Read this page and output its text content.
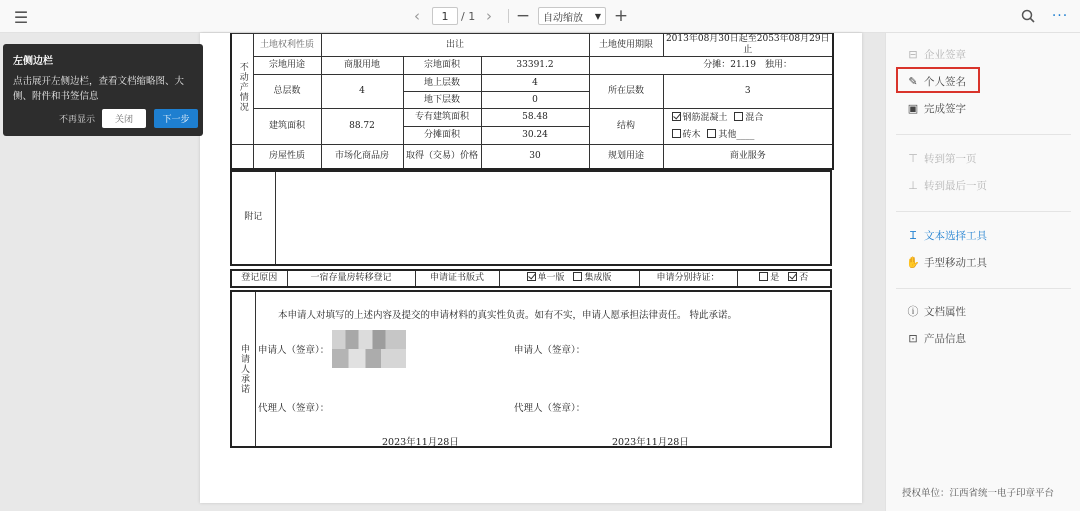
☰	‹	1	/ 1 ›	− 自动缩放 ▼ +	···
不动产情况	土地权利性质	出让			土地使用期限	2013年08月30日起至2053年08月29日止
	宗地用途	商服用地	宗地面积	33391.2	分摊：21.19　独用：	
	总层数	4	地上层数	4	所在层数	3
			地下层数	0		
	建筑面积	88.72	专有建筑面积	58.48	结构	钢筋混凝土 混合
砖木 其他____
			分摊面积	30.24		
	房屋性质	市场化商品房	取得（交易）价格	30	规划用途	商业服务
附记	
登记原因	一宿存量房转移登记	申请证书版式	单一版 集成版	申请分别持证：	是 否
申请人承诺
本申请人对填写的上述内容及提交的申请材料的真实性负责。如有不实，申请人愿承担法律责任。 特此承诺。
申请人（签章）：	申请人（签章）：
代理人（签章）：	代理人（签章）：
2023年11月28日	2023年11月28日
左侧边栏
点击展开左侧边栏，查看文档缩略图、大侧、附件和书签信息
不再显示	关闭	下一步
⊟ 企业签章
✎ 个人签名
▣ 完成签字
⊤ 转到第一页
⊥ 转到最后一页
Ɪ 文本选择工具
✋ 手型移动工具
ⓘ 文档属性
⊡ 产品信息
授权单位：江西省统一电子印章平台
